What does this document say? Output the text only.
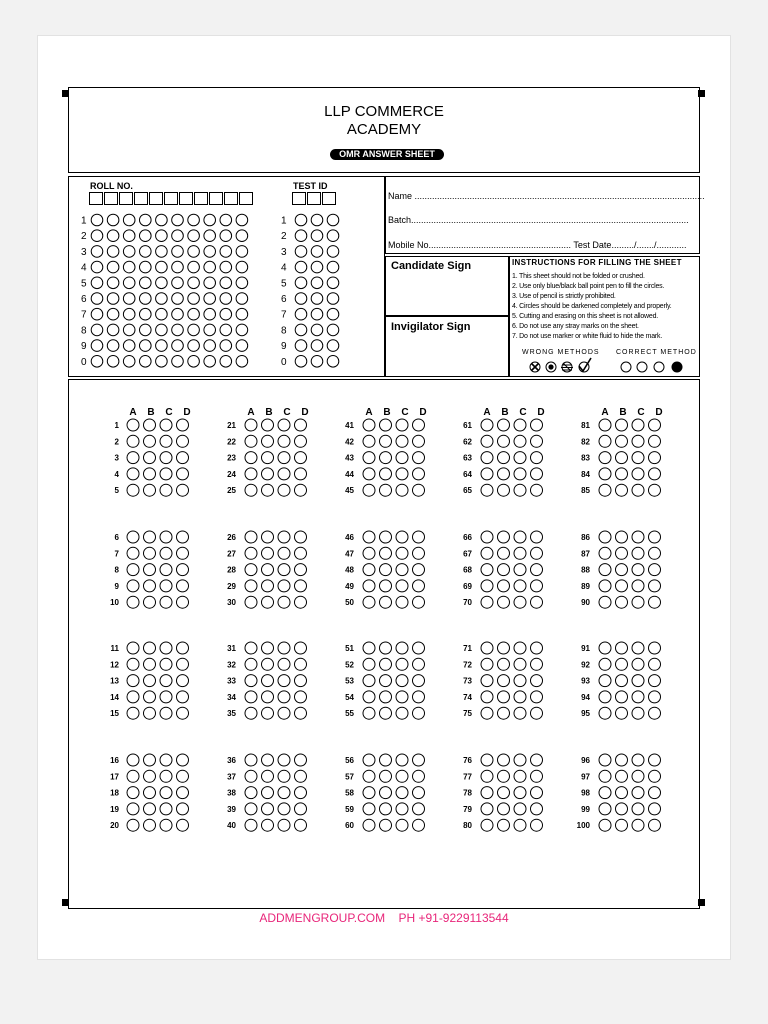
LLP COMMERCE
ACADEMY
OMR ANSWER SHEET
ROLL NO.	TEST ID
1	1
2	2
3	3
4	4
5	5
6	6
7	7
8	8
9	9
0	0
Name ....................................................................................................................
Batch...............................................................................................................
Mobile No......................................................... Test Date........./......./............
Candidate Sign
Invigilator Sign
INSTRUCTIONS FOR FILLING THE SHEET
1. This sheet should not be folded or crushed.
2. Use only blue/black ball point pen to fill the circles.
3. Use of pencil is strictly prohibited.
4. Circles should be darkened completely and properly.
5. Cutting and erasing on this sheet is not allowed.
6. Do not use any stray marks on the sheet.
7. Do not use marker or white fluid to hide the mark.
WRONG METHODS CORRECT METHOD
A B C D
1
2
3
4
5
6
7
8
9
10
11
12
13
14
15
16
17
18
19
20
A B C D
21
22
23
24
25
26
27
28
29
30
31
32
33
34
35
36
37
38
39
40
A B C D
41
42
43
44
45
46
47
48
49
50
51
52
53
54
55
56
57
58
59
60
A B C D
61
62
63
64
65
66
67
68
69
70
71
72
73
74
75
76
77
78
79
80
A B C D
81
82
83
84
85
86
87
88
89
90
91
92
93
94
95
96
97
98
99
100
ADDMENGROUP.COM    PH +91-9229113544
